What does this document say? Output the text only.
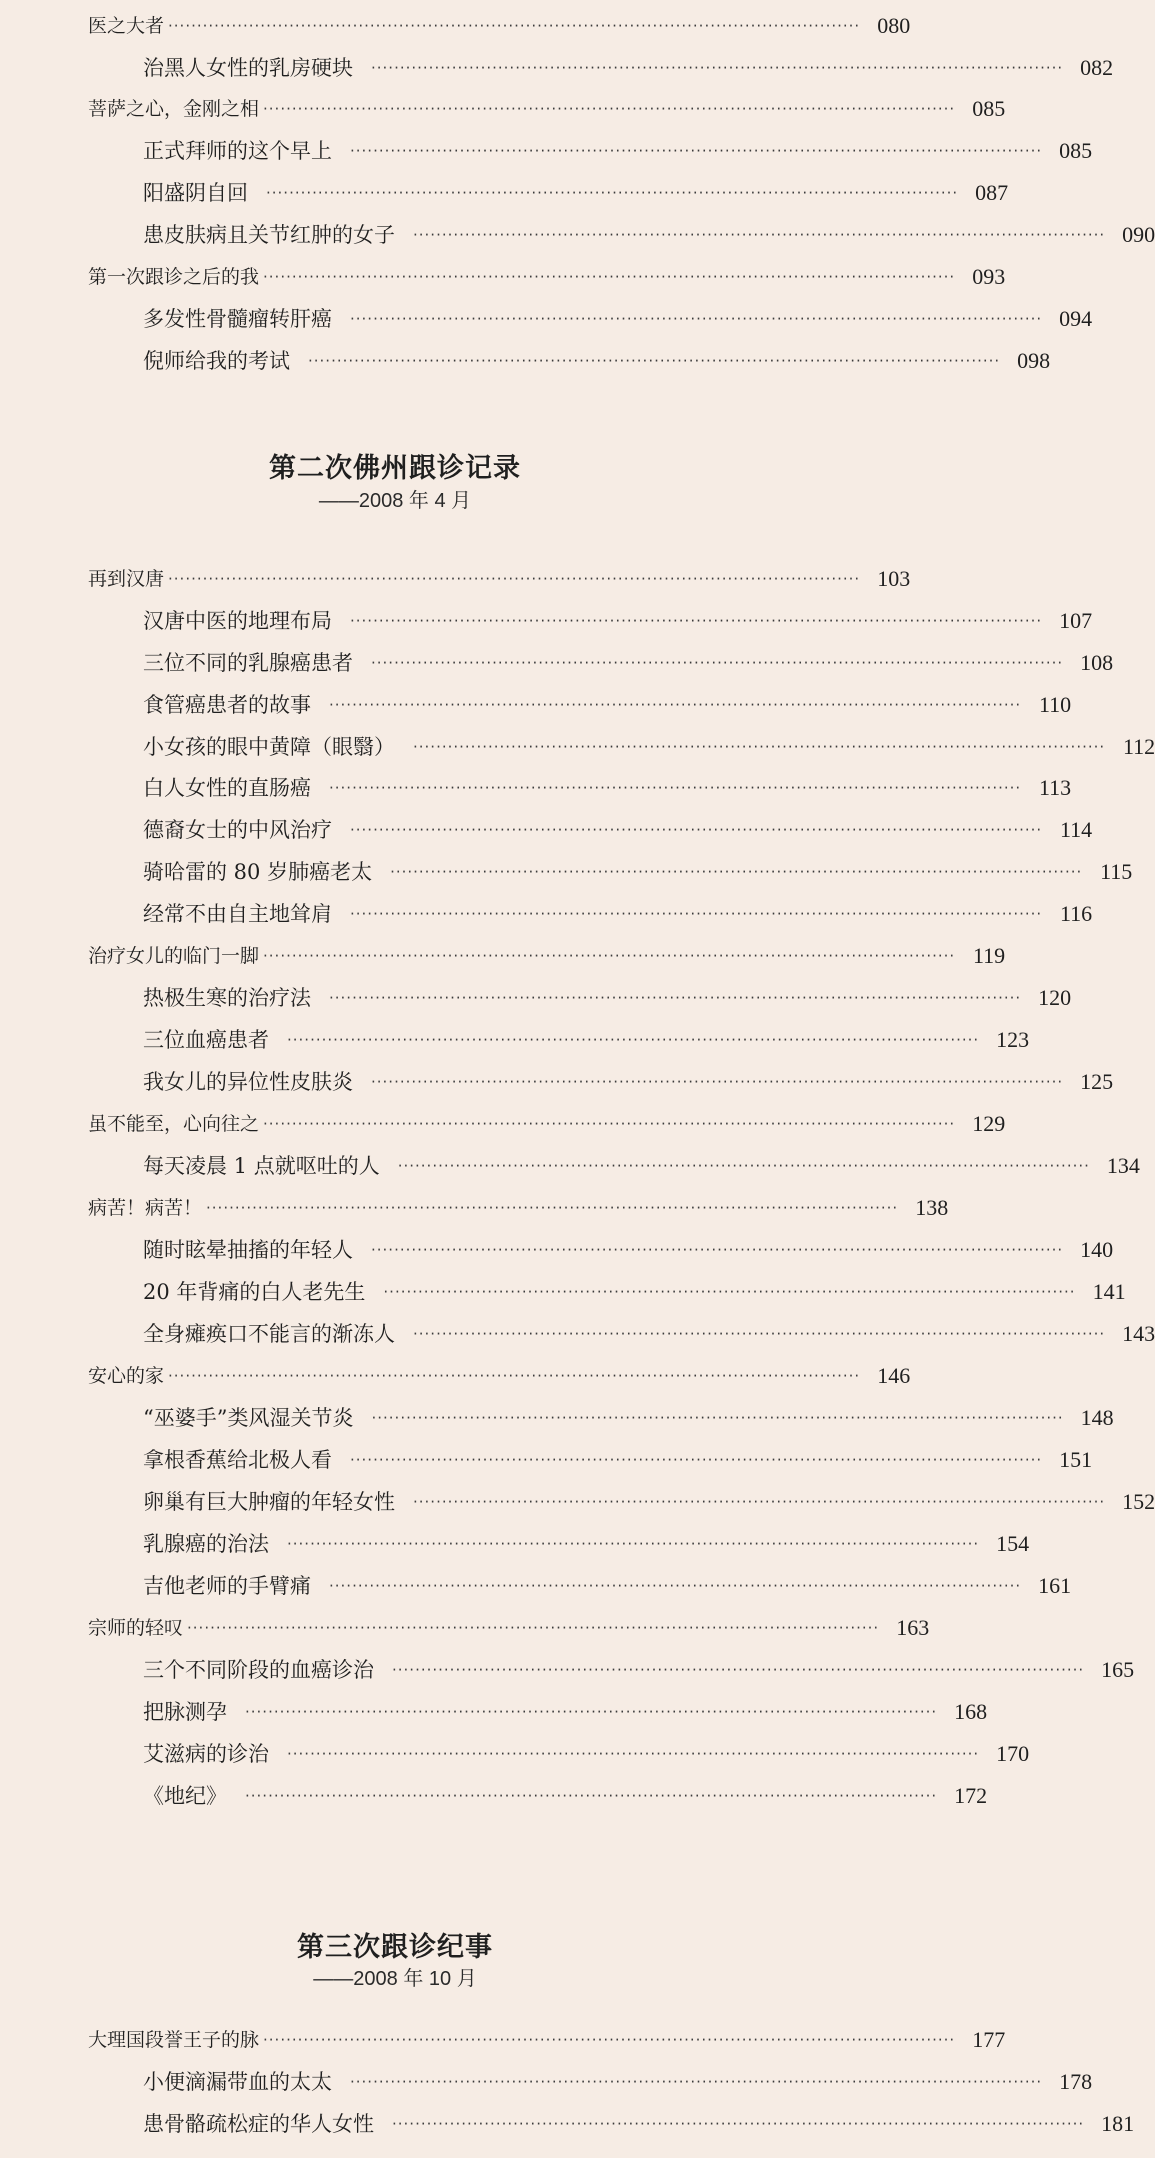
医之大者 ························································································································ 080
治黑人女性的乳房硬块 ························································································································ 082
菩萨之心，金刚之相 ························································································································ 085
正式拜师的这个早上 ························································································································ 085
阳盛阴自回 ························································································································ 087
患皮肤病且关节红肿的女子 ························································································································ 090
第一次跟诊之后的我 ························································································································ 093
多发性骨髓瘤转肝癌 ························································································································ 094
倪师给我的考试 ························································································································ 098
第二次佛州跟诊记录
——2008 年 4 月
再到汉唐 ························································································································ 103
汉唐中医的地理布局 ························································································································ 107
三位不同的乳腺癌患者 ························································································································ 108
食管癌患者的故事 ························································································································ 110
小女孩的眼中黄障（眼翳） ························································································································ 112
白人女性的直肠癌 ························································································································ 113
德裔女士的中风治疗 ························································································································ 114
骑哈雷的 80 岁肺癌老太 ························································································································ 115
经常不由自主地耸肩 ························································································································ 116
治疗女儿的临门一脚 ························································································································ 119
热极生寒的治疗法 ························································································································ 120
三位血癌患者 ························································································································ 123
我女儿的异位性皮肤炎 ························································································································ 125
虽不能至，心向往之 ························································································································ 129
每天凌晨 1 点就呕吐的人 ························································································································ 134
病苦！病苦！ ························································································································ 138
随时眩晕抽搐的年轻人 ························································································································ 140
20 年背痛的白人老先生 ························································································································ 141
全身瘫痪口不能言的渐冻人 ························································································································ 143
安心的家 ························································································································ 146
“巫婆手”类风湿关节炎 ························································································································ 148
拿根香蕉给北极人看 ························································································································ 151
卵巢有巨大肿瘤的年轻女性 ························································································································ 152
乳腺癌的治法 ························································································································ 154
吉他老师的手臂痛 ························································································································ 161
宗师的轻叹 ························································································································ 163
三个不同阶段的血癌诊治 ························································································································ 165
把脉测孕 ························································································································ 168
艾滋病的诊治 ························································································································ 170
《地纪》 ························································································································ 172
第三次跟诊纪事
——2008 年 10 月
大理国段誉王子的脉 ························································································································ 177
小便滴漏带血的太太 ························································································································ 178
患骨骼疏松症的华人女性 ························································································································ 181
